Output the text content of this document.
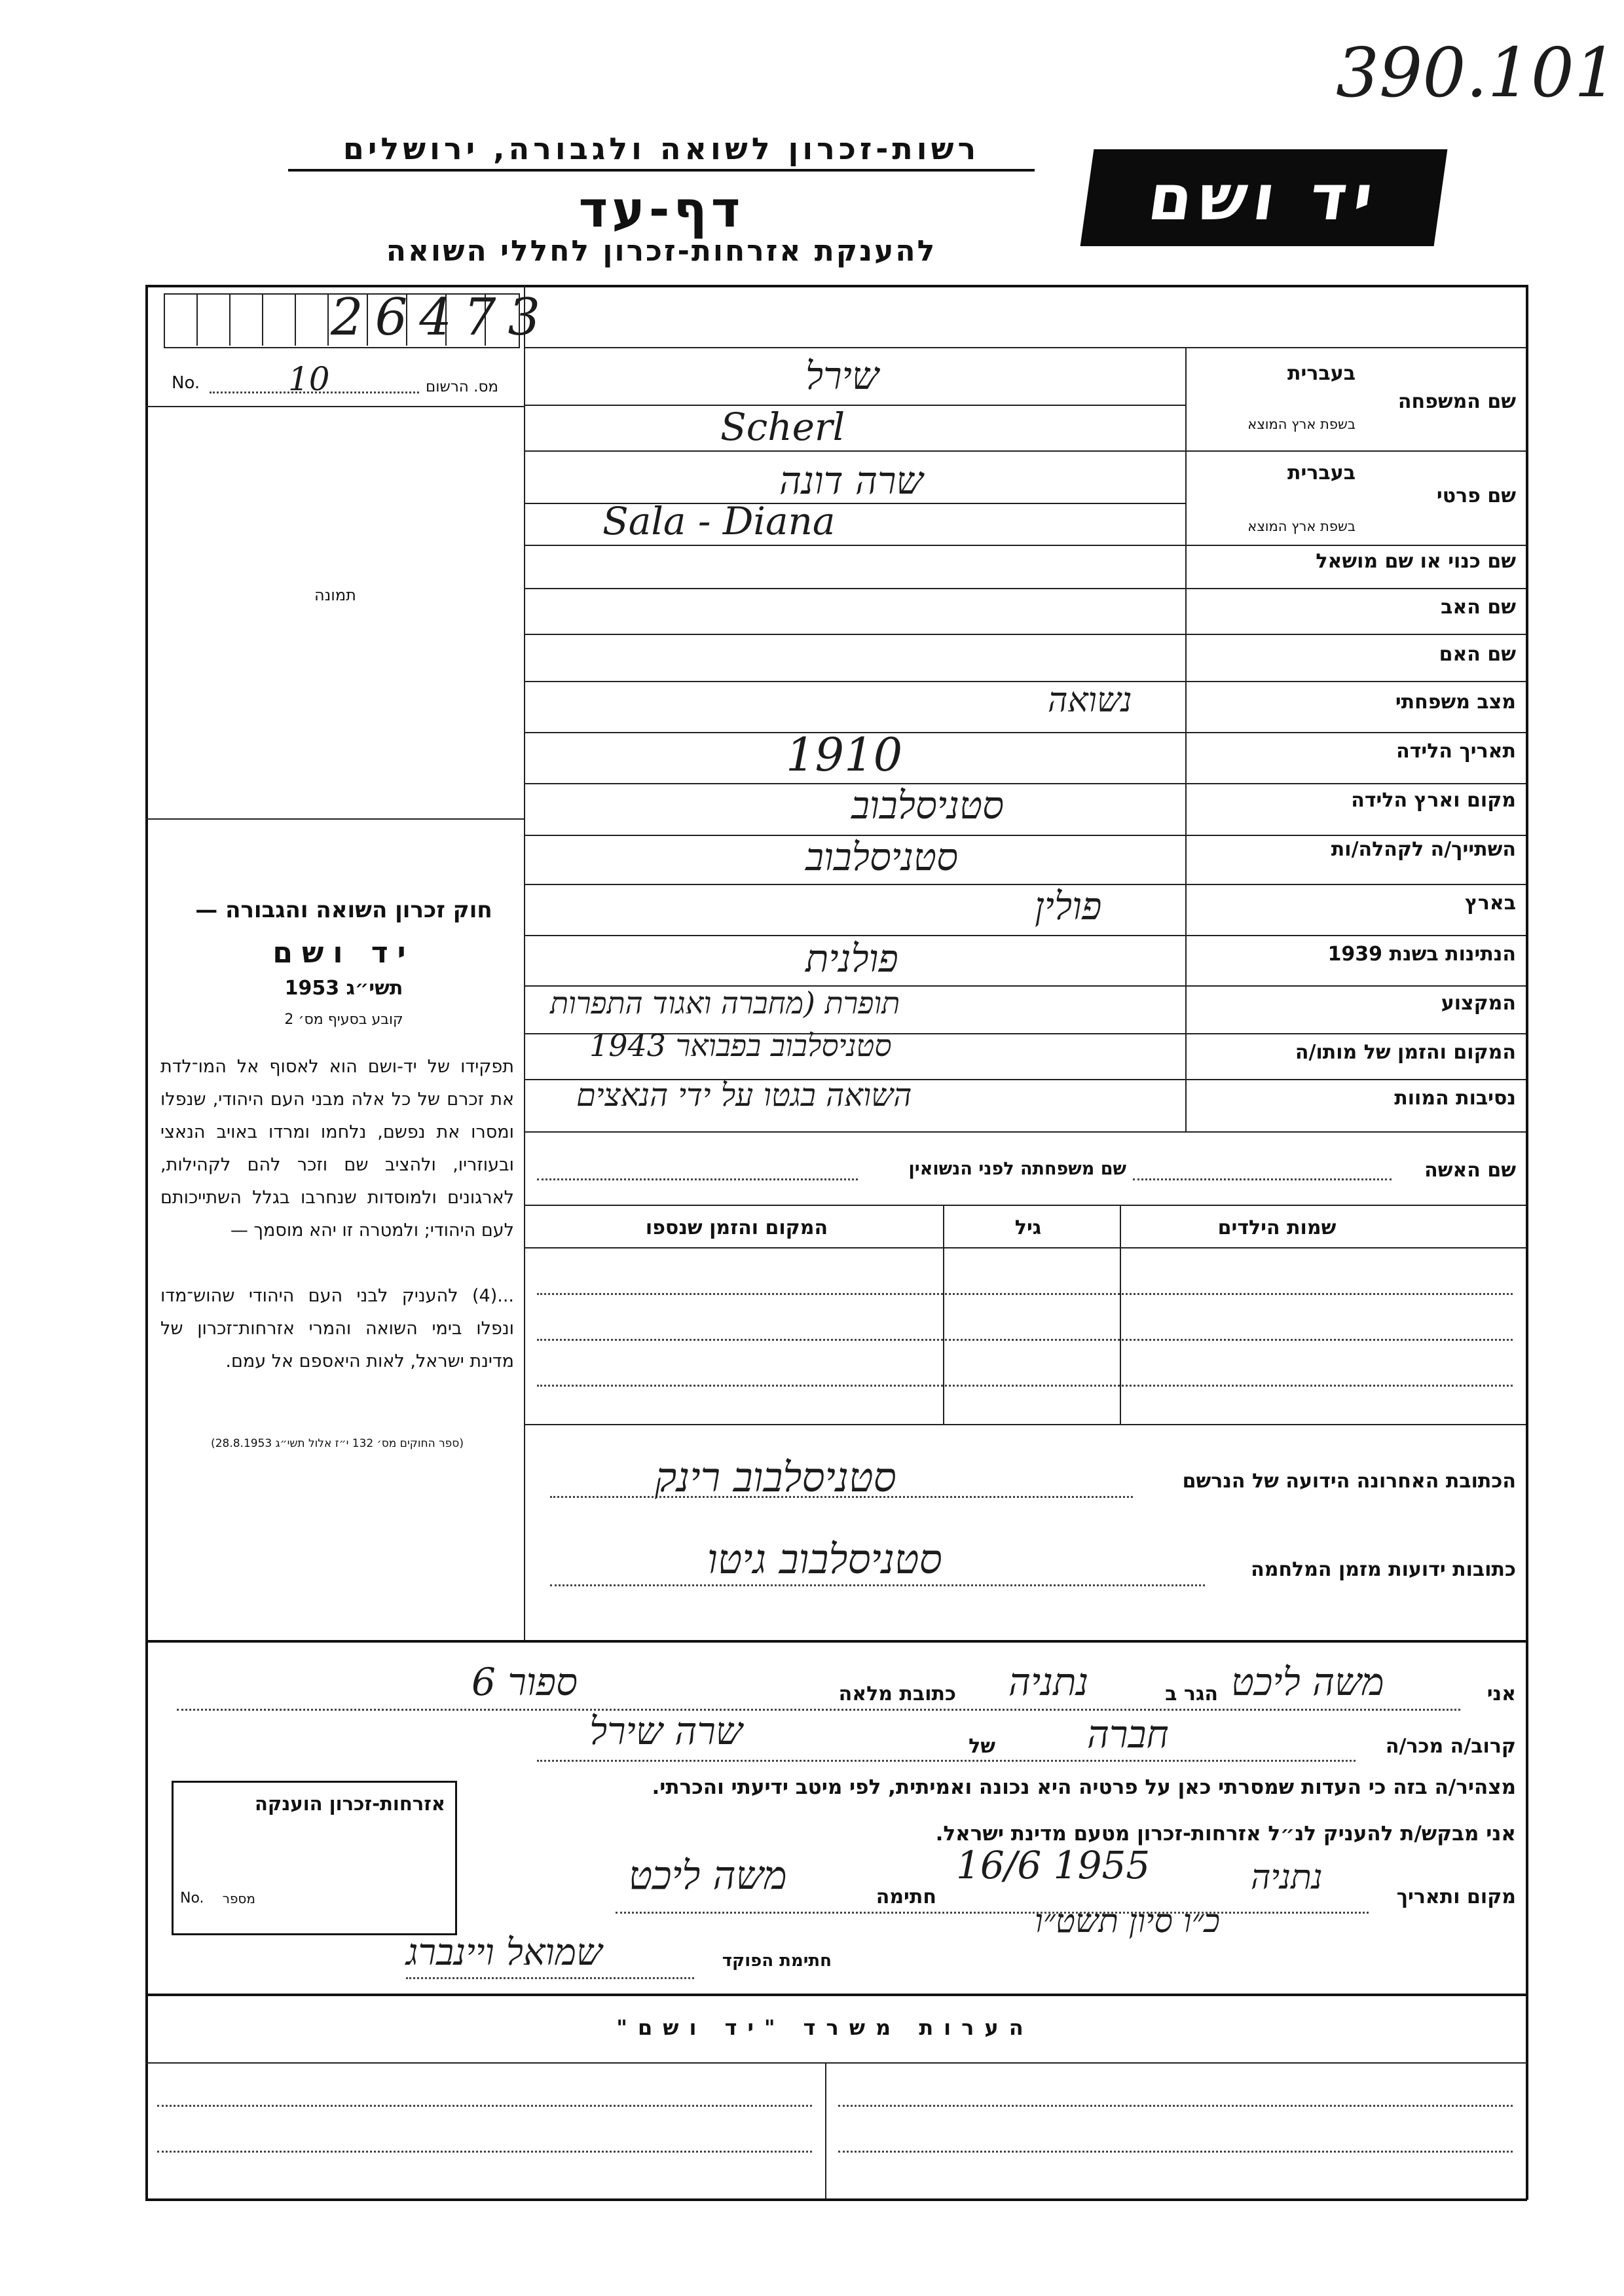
390.101
רשות-זכרון לשואה ולגבורה, ירושלים
דף-עד
להענקת אזרחות-זכרון לחללי השואה
יד ושם
26473
No.	10	מס. הרשום
תמונה
חוק זכרון השואה והגבורה —
יד ושם
תשי״ג 1953
קובע בסעיף מס׳ 2
תפקידו של יד-ושם הוא לאסוף אל המו־לדת את זכרם של כל אלה מבני העם היהודי, שנפלו ומסרו את נפשם, נלחמו ומרדו באויב הנאצי ובעוזריו, ולהציב שם וזכר להם לקהילות, לארגונים ולמוסדות שנחרבו בגלל השתייכותם לעם היהודי; ולמטרה זו יהא מוסמך —
...(4) להעניק לבני העם היהודי שהוש־מדו ונפלו בימי השואה והמרי אזרחות־זכרון של מדינת ישראל, לאות היאספם אל עמם.
(ספר החוקים מס׳ 132 י״ז אלול תשי״ג 28.8.1953)
בעברית
שם המשפחה
בשפת ארץ המוצא
שירל
Scherl
בעברית
שם פרטי
בשפת ארץ המוצא
שרה דונה
Sala - Diana
שם כנוי או שם מושאל
שם האב
שם האם
מצב משפחתי
נשואה
תאריך הלידה
1910
מקום וארץ הלידה
סטניסלבוב
השתייך/ה לקהלה/ות
סטניסלבוב
בארץ
פולין
הנתינות בשנת 1939
פולנית
המקצוע
תופרת (מחברה ואגוד התפרות
המקום והזמן של מותו/ה
סטניסלבוב בפבואר 1943
נסיבות המוות
השואה בגטו על ידי הנאצים
שם האשה
שם משפחתה לפני הנשואין
שמות הילדים
גיל
המקום והזמן שנספו
הכתובת האחרונה הידועה של הנרשם
סטניסלבוב רינק
כתובות ידועות מזמן המלחמה
סטניסלבוב גיטו
אני
משה ליכט
הגר ב
נתניה
כתובת מלאה
ספור 6
קרוב/ה מכר/ה
חברה
של
שרה שירל
מצהיר/ה בזה כי העדות שמסרתי כאן על פרטיה היא נכונה ואמיתית, לפי מיטב ידיעתי והכרתי.
אני מבקש/ת להעניק לנ״ל אזרחות-זכרון מטעם מדינת ישראל.
מקום ותאריך
נתניה
16/6 1955
כ״ו סיון תשט״ו
חתימה
משה ליכט
חתימת הפוקד
שמואל ויינברג
אזרחות-זכרון הוענקה
No.	מספר
הערות משרד "יד ושם"
